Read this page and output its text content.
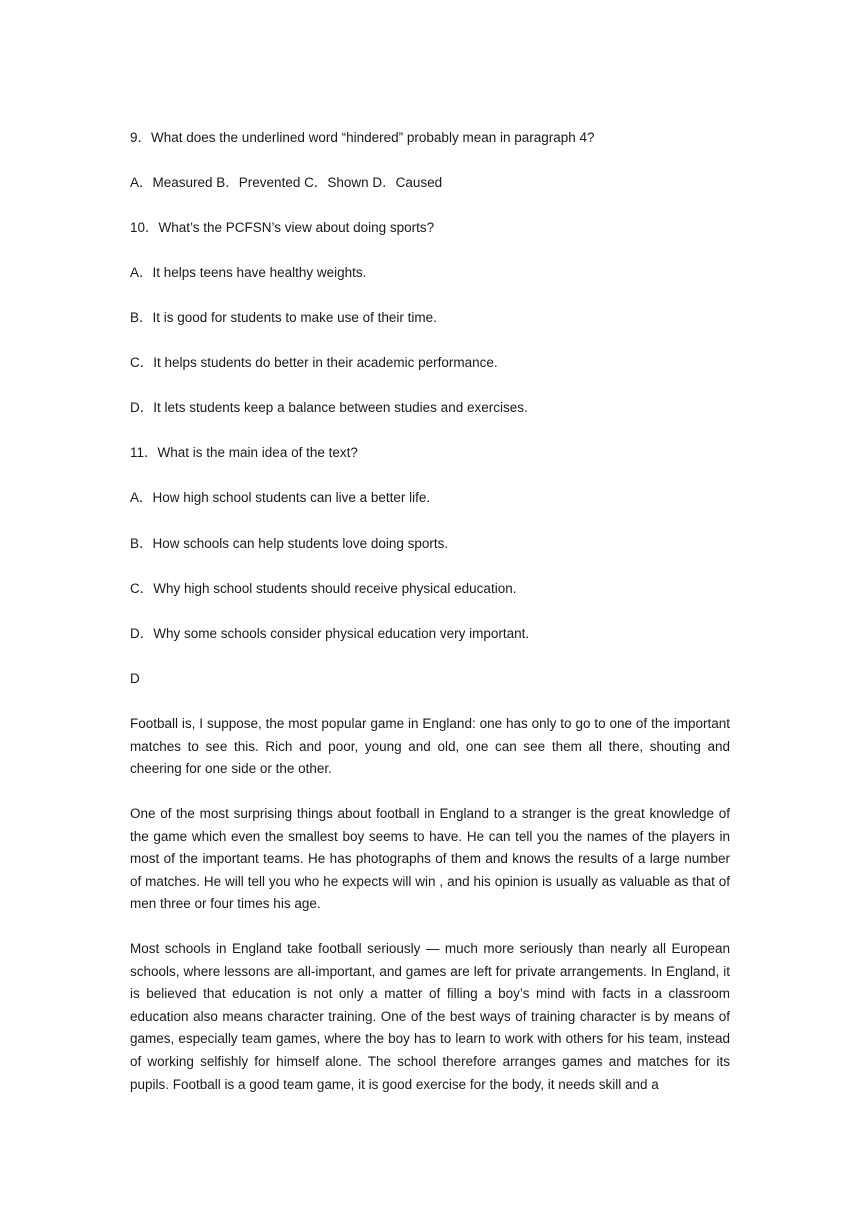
9．What does the underlined word “hindered” probably mean in paragraph 4?
A．Measured B．Prevented C．Shown D．Caused
10．What’s the PCFSN’s view about doing sports?
A．It helps teens have healthy weights.
B．It is good for students to make use of their time.
C．It helps students do better in their academic performance.
D．It lets students keep a balance between studies and exercises.
11．What is the main idea of the text?
A．How high school students can live a better life.
B．How schools can help students love doing sports.
C．Why high school students should receive physical education.
D．Why some schools consider physical education very important.
D
Football is, I suppose, the most popular game in England: one has only to go to one of the important matches to see this. Rich and poor, young and old, one can see them all there, shouting and cheering for one side or the other.
One of the most surprising things about football in England to a stranger is the great knowledge of the game which even the smallest boy seems to have. He can tell you the names of the players in most of the important teams. He has photographs of them and knows the results of a large number of matches. He will tell you who he expects will win , and his opinion is usually as valuable as that of men three or four times his age.
Most schools in England take football seriously — much more seriously than nearly all European schools, where lessons are all-important, and games are left for private arrangements. In England, it is believed that education is not only a matter of filling a boy’s mind with facts in a classroom education also means character training. One of the best ways of training character is by means of games, especially team games, where the boy has to learn to work with others for his team, instead of working selfishly for himself alone. The school therefore arranges games and matches for its pupils. Football is a good team game, it is good exercise for the body, it needs skill and a
